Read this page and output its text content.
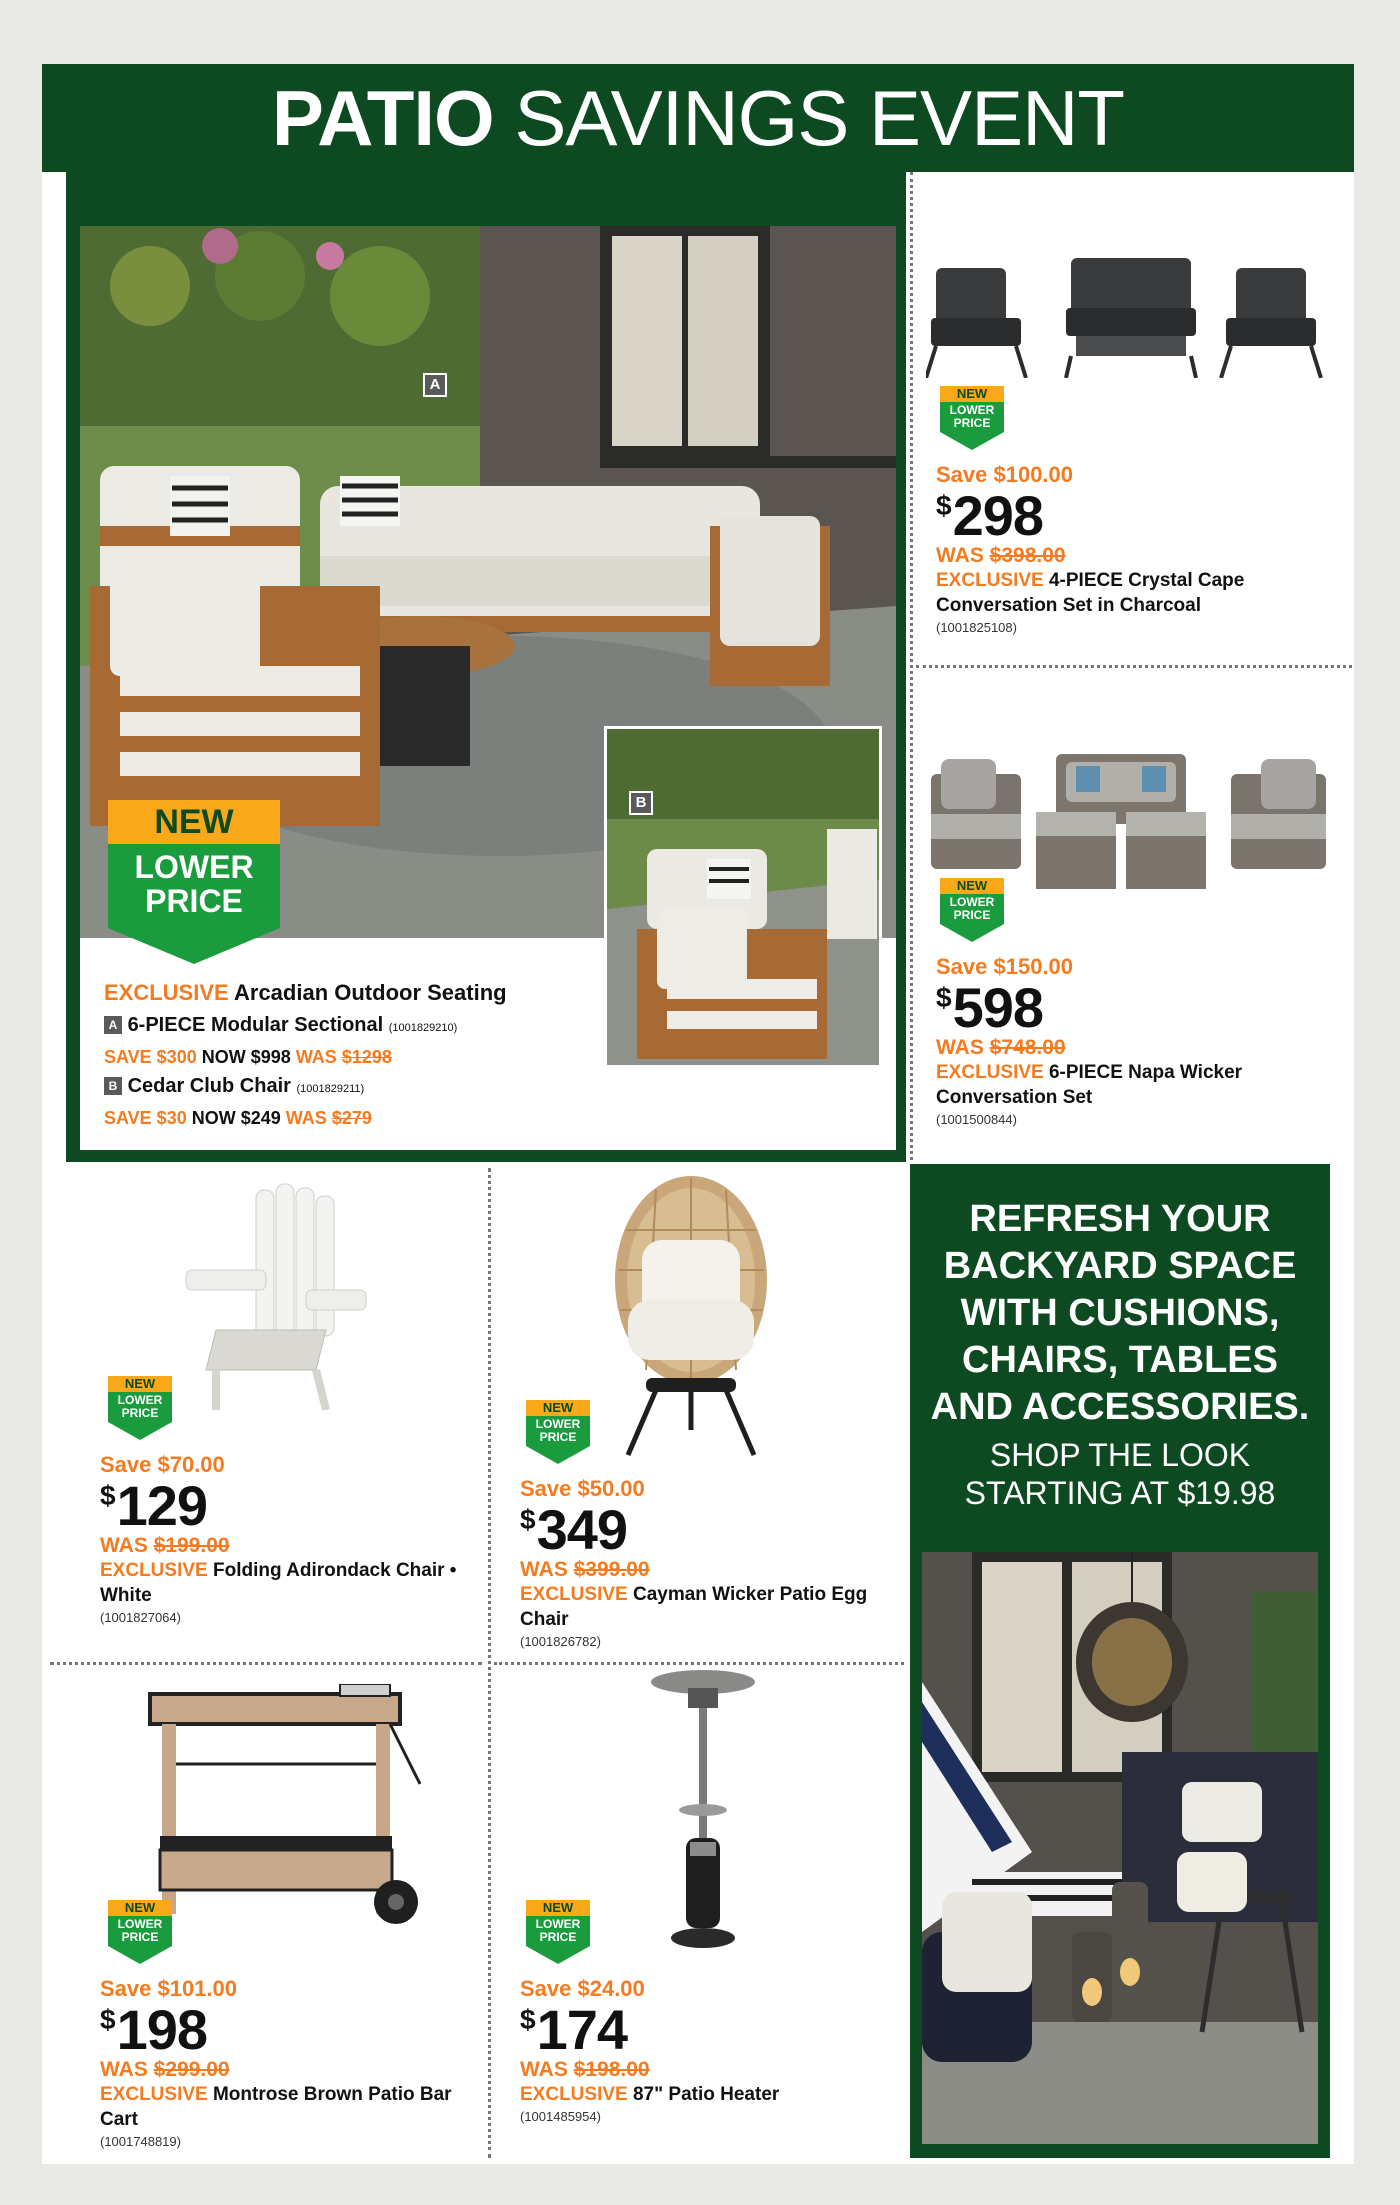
PATIO SAVINGS EVENT
A
B
NEW
LOWER
PRICE
EXCLUSIVE Arcadian Outdoor Seating
A 6-PIECE Modular Sectional (1001829210)
SAVE $300 NOW $998 WAS $1298
B Cedar Club Chair (1001829211)
SAVE $30 NOW $249 WAS $279
NEW
LOWER
PRICE
Save $100.00
$298
WAS $398.00
EXCLUSIVE 4-PIECE Crystal Cape Conversation Set in Charcoal
(1001825108)
NEW
LOWER
PRICE
Save $150.00
$598
WAS $748.00
EXCLUSIVE 6-PIECE Napa Wicker Conversation Set
(1001500844)
NEW
LOWER
PRICE
Save $70.00
$129
WAS $199.00
EXCLUSIVE Folding Adirondack Chair • White
(1001827064)
NEW
LOWER
PRICE
Save $50.00
$349
WAS $399.00
EXCLUSIVE Cayman Wicker Patio Egg Chair
(1001826782)
NEW
LOWER
PRICE
Save $101.00
$198
WAS $299.00
EXCLUSIVE Montrose Brown Patio Bar Cart
(1001748819)
NEW
LOWER
PRICE
Save $24.00
$174
WAS $198.00
EXCLUSIVE 87" Patio Heater
(1001485954)
REFRESH YOUR
BACKYARD SPACE
WITH CUSHIONS,
CHAIRS, TABLES
AND ACCESSORIES.
SHOP THE LOOK
STARTING AT $19.98
